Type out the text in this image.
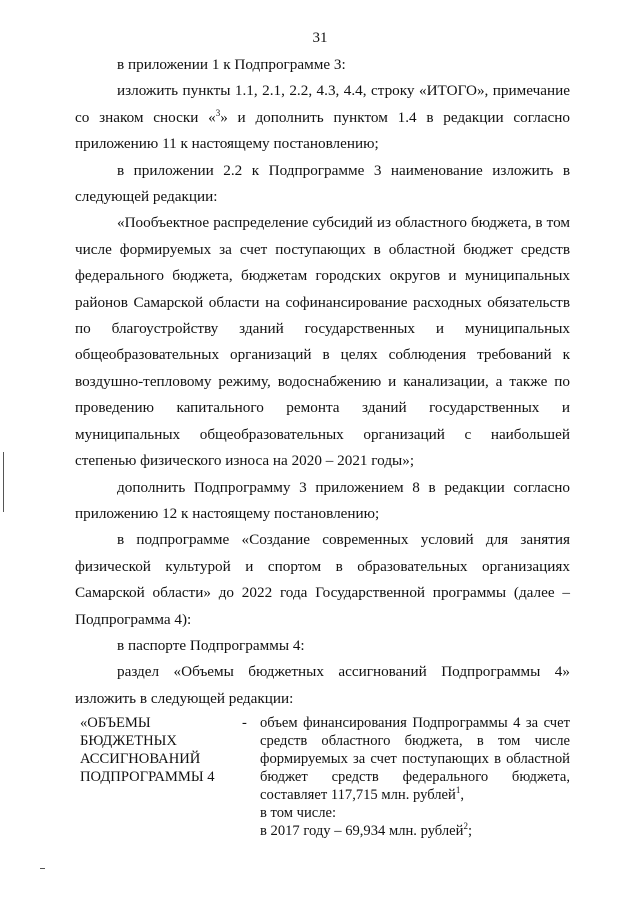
31

в приложении 1 к Подпрограмме 3:

изложить пункты 1.1, 2.1, 2.2, 4.3, 4.4, строку «ИТОГО», примечание со знаком сноски «$^3$» и дополнить пунктом 1.4 в редакции согласно приложению 11 к настоящему постановлению;

в приложении 2.2 к Подпрограмме 3 наименование изложить в следующей редакции:

«Пообъектное распределение субсидий из областного бюджета, в том числе формируемых за счет поступающих в областной бюджет средств федерального бюджета, бюджетам городских округов и муниципальных районов Самарской области на софинансирование расходных обязательств по благоустройству зданий государственных и муниципальных общеобразовательных организаций в целях соблюдения требований к воздушно-тепловому режиму, водоснабжению и канализации, а также по проведению капитального ремонта зданий государственных и муниципальных общеобразовательных организаций с наибольшей степенью физического износа на 2020 – 2021 годы»;

дополнить Подпрограмму 3 приложением 8 в редакции согласно приложению 12 к настоящему постановлению;

в подпрограмме «Создание современных условий для занятия физической культурой и спортом в образовательных организациях Самарской области» до 2022 года Государственной программы (далее – Подпрограмма 4):

в паспорте Подпрограммы 4:

раздел «Объемы бюджетных ассигнований Подпрограммы 4» изложить в следующей редакции:

«ОБЪЕМЫ
БЮДЖЕТНЫХ
АССИГНОВАНИЙ
ПОДПРОГРАММЫ 4
- объем финансирования Подпрограммы 4 за счет средств областного бюджета, в том числе формируемых за счет поступающих в областной бюджет средств федерального бюджета, составляет 117,715 млн. рублей$^1$,
в том числе:
в 2017 году – 69,934 млн. рублей$^2$;
